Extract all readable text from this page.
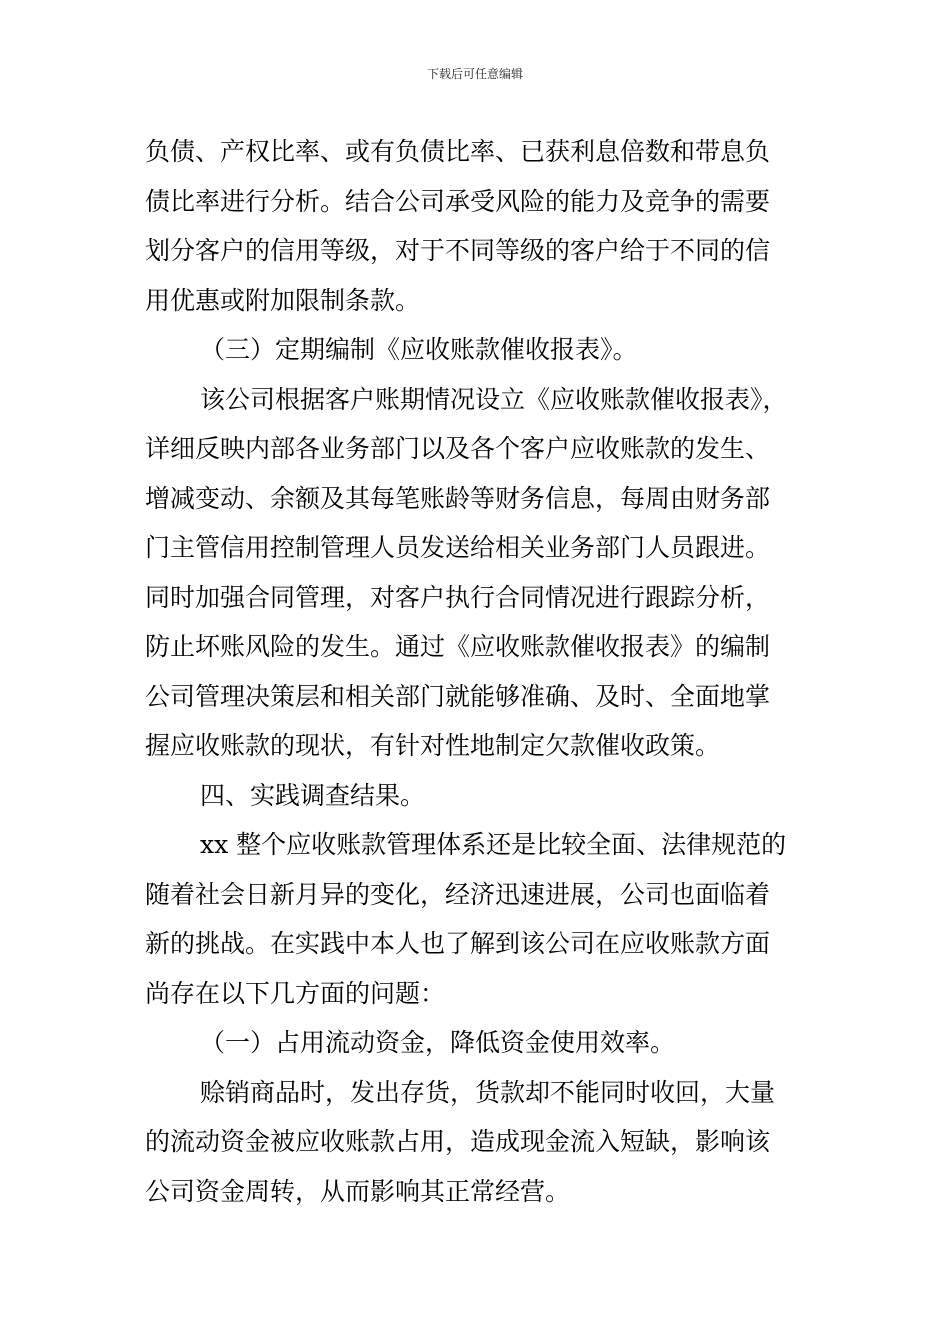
下载后可任意编辑
负债、产权比率、或有负债比率、已获利息倍数和带息负
债比率进行分析。结合公司承受风险的能力及竞争的需要
划分客户的信用等级，对于不同等级的客户给于不同的信
用优惠或附加限制条款。
（三）定期编制《应收账款催收报表》。
该公司根据客户账期情况设立《应收账款催收报表》，
详细反映内部各业务部门以及各个客户应收账款的发生、
增减变动、余额及其每笔账龄等财务信息，每周由财务部
门主管信用控制管理人员发送给相关业务部门人员跟进。
同时加强合同管理，对客户执行合同情况进行跟踪分析，
防止坏账风险的发生。通过《应收账款催收报表》的编制
公司管理决策层和相关部门就能够准确、及时、全面地掌
握应收账款的现状，有针对性地制定欠款催收政策。
四、实践调查结果。
xx 整个应收账款管理体系还是比较全面、法律规范的
随着社会日新月异的变化，经济迅速进展，公司也面临着
新的挑战。在实践中本人也了解到该公司在应收账款方面
尚存在以下几方面的问题：
（一）占用流动资金，降低资金使用效率。
赊销商品时，发出存货，货款却不能同时收回，大量
的流动资金被应收账款占用，造成现金流入短缺，影响该
公司资金周转，从而影响其正常经营。
